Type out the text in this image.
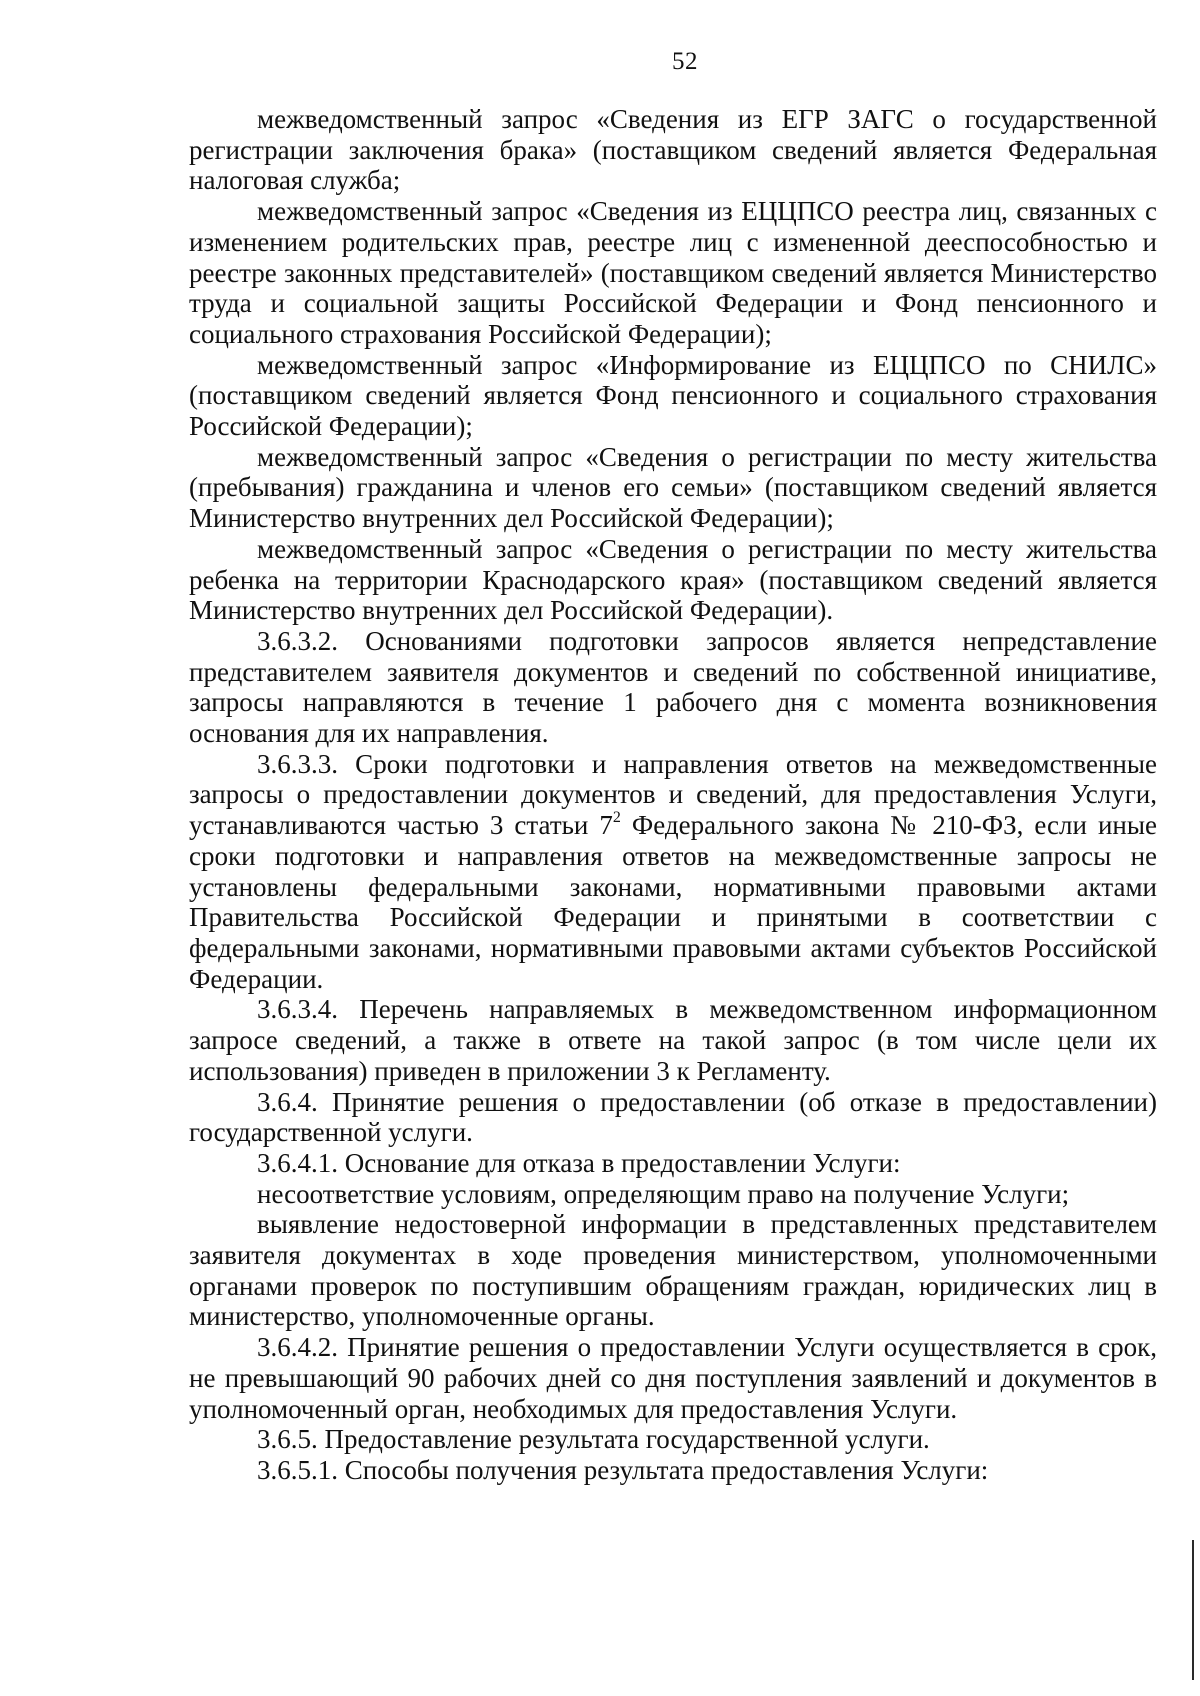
52

межведомственный запрос «Сведения из ЕГР ЗАГС о государственной регистрации заключения брака» (поставщиком сведений является Федеральная налоговая служба;

межведомственный запрос «Сведения из ЕЦЦПСО реестра лиц, связанных с изменением родительских прав, реестре лиц с измененной дееспособностью и реестре законных представителей» (поставщиком сведений является Министерство труда и социальной защиты Российской Федерации и Фонд пенсионного и социального страхования Российской Федерации);

межведомственный запрос «Информирование из ЕЦЦПСО по СНИЛС» (поставщиком сведений является Фонд пенсионного и социального страхования Российской Федерации);

межведомственный запрос «Сведения о регистрации по месту жительства (пребывания) гражданина и членов его семьи» (поставщиком сведений является Министерство внутренних дел Российской Федерации);

межведомственный запрос «Сведения о регистрации по месту жительства ребенка на территории Краснодарского края» (поставщиком сведений является Министерство внутренних дел Российской Федерации).

3.6.3.2. Основаниями подготовки запросов является непредставление представителем заявителя документов и сведений по собственной инициативе, запросы направляются в течение 1 рабочего дня с момента возникновения основания для их направления.

3.6.3.3. Сроки подготовки и направления ответов на межведомственные запросы о предоставлении документов и сведений, для предоставления Услуги, устанавливаются частью 3 статьи $7^2$ Федерального закона № 210-ФЗ, если иные сроки подготовки и направления ответов на межведомственные запросы не установлены федеральными законами, нормативными правовыми актами Правительства Российской Федерации и принятыми в соответствии с федеральными законами, нормативными правовыми актами субъектов Российской Федерации.

3.6.3.4. Перечень направляемых в межведомственном информационном запросе сведений, а также в ответе на такой запрос (в том числе цели их использования) приведен в приложении 3 к Регламенту.

3.6.4. Принятие решения о предоставлении (об отказе в предоставлении) государственной услуги.

3.6.4.1. Основание для отказа в предоставлении Услуги:

несоответствие условиям, определяющим право на получение Услуги;

выявление недостоверной информации в представленных представителем заявителя документах в ходе проведения министерством, уполномоченными органами проверок по поступившим обращениям граждан, юридических лиц в министерство, уполномоченные органы.

3.6.4.2. Принятие решения о предоставлении Услуги осуществляется в срок, не превышающий 90 рабочих дней со дня поступления заявлений и документов в уполномоченный орган, необходимых для предоставления Услуги.

3.6.5. Предоставление результата государственной услуги.

3.6.5.1. Способы получения результата предоставления Услуги:
